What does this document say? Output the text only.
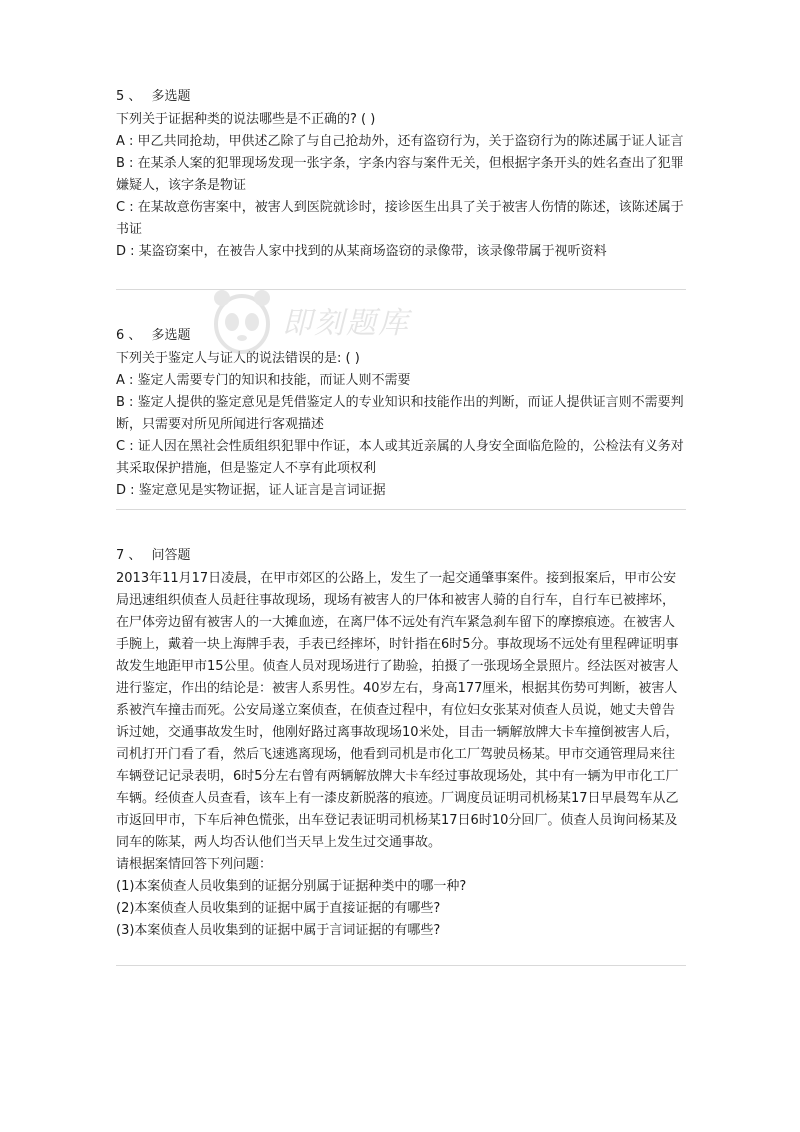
5 、 多选题
下列关于证据种类的说法哪些是不正确的? ( )
A : 甲乙共同抢劫，甲供述乙除了与自己抢劫外，还有盗窃行为，关于盗窃行为的陈述属于证人证言
B : 在某杀人案的犯罪现场发现一张字条，字条内容与案件无关，但根据字条开头的姓名查出了犯罪嫌疑人，该字条是物证
C : 在某故意伤害案中，被害人到医院就诊时，接诊医生出具了关于被害人伤情的陈述，该陈述属于书证
D : 某盗窃案中，在被告人家中找到的从某商场盗窃的录像带，该录像带属于视听资料
6 、 多选题
下列关于鉴定人与证人的说法错误的是: ( )
A : 鉴定人需要专门的知识和技能，而证人则不需要
B : 鉴定人提供的鉴定意见是凭借鉴定人的专业知识和技能作出的判断，而证人提供证言则不需要判断，只需要对所见所闻进行客观描述
C : 证人因在黑社会性质组织犯罪中作证，本人或其近亲属的人身安全面临危险的，公检法有义务对其采取保护措施，但是鉴定人不享有此项权利
D : 鉴定意见是实物证据，证人证言是言词证据
7 、 问答题
2013年11月17日凌晨，在甲市郊区的公路上，发生了一起交通肇事案件。接到报案后，甲市公安局迅速组织侦查人员赶往事故现场，现场有被害人的尸体和被害人骑的自行车，自行车已被摔坏，在尸体旁边留有被害人的一大摊血迹，在离尸体不远处有汽车紧急刹车留下的摩擦痕迹。在被害人手腕上，戴着一块上海牌手表，手表已经摔坏，时针指在6时5分。事故现场不远处有里程碑证明事故发生地距甲市15公里。侦查人员对现场进行了勘验，拍摄了一张现场全景照片。经法医对被害人进行鉴定，作出的结论是：被害人系男性。40岁左右，身高177厘米，根据其伤势可判断，被害人系被汽车撞击而死。公安局遂立案侦查，在侦查过程中，有位妇女张某对侦查人员说，她丈夫曾告诉过她，交通事故发生时，他刚好路过离事故现场10米处，目击一辆解放牌大卡车撞倒被害人后，司机打开门看了看，然后飞速逃离现场，他看到司机是市化工厂驾驶员杨某。甲市交通管理局来往车辆登记记录表明，6时5分左右曾有两辆解放牌大卡车经过事故现场处，其中有一辆为甲市化工厂车辆。经侦查人员查看，该车上有一漆皮新脱落的痕迹。厂调度员证明司机杨某17日早晨驾车从乙市返回甲市，下车后神色慌张，出车登记表证明司机杨某17日6时10分回厂。侦查人员询问杨某及同车的陈某，两人均否认他们当天早上发生过交通事故。
请根据案情回答下列问题：
(1)本案侦查人员收集到的证据分别属于证据种类中的哪一种?
(2)本案侦查人员收集到的证据中属于直接证据的有哪些?
(3)本案侦查人员收集到的证据中属于言词证据的有哪些?
即刻题库
